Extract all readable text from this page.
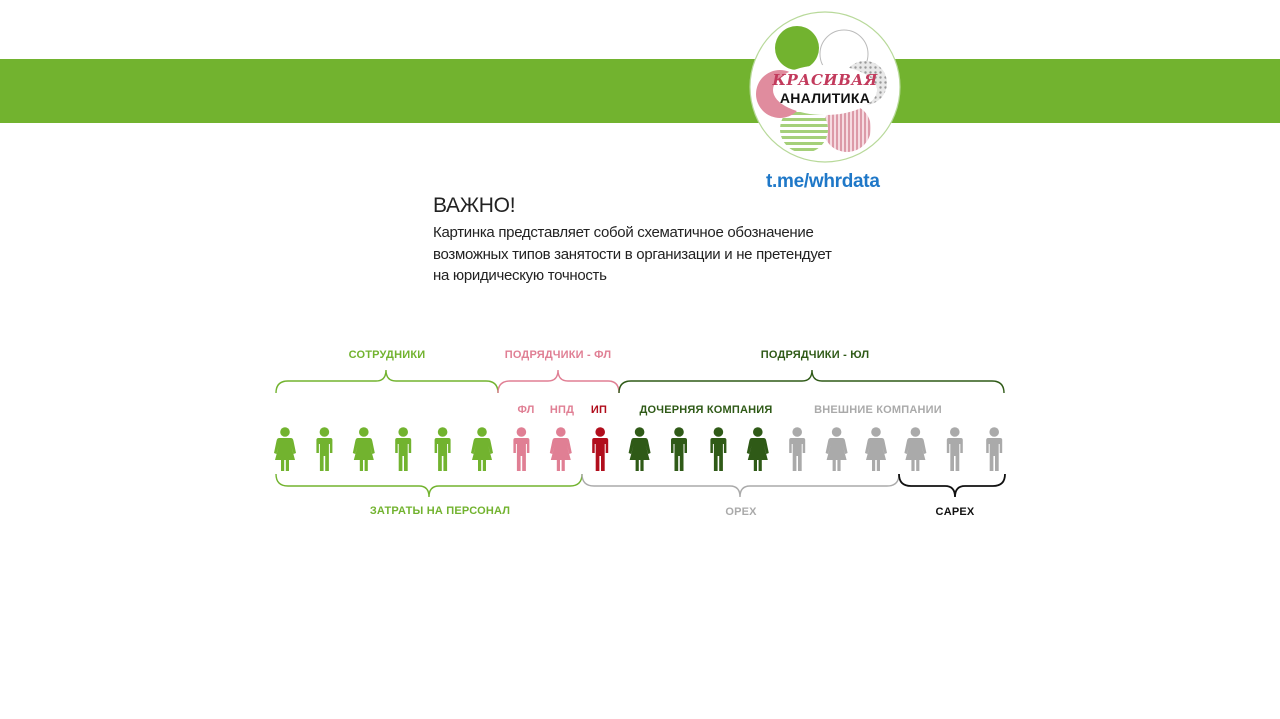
КРАСИВАЯ
АНАЛИТИКА
t.me/whrdata
ВАЖНО!

Картинка представляет собой схематичное обозначение
возможных типов занятости в организации и не претендует
на юридическую точность

СОТРУДНИКИ	ПОДРЯДЧИКИ - ФЛ	ПОДРЯДЧИКИ - ЮЛ
ФЛ НПД ИП	ДОЧЕРНЯЯ КОМПАНИЯ	ВНЕШНИЕ КОМПАНИИ
ЗАТРАТЫ НА ПЕРСОНАЛ	OPEX	CAPEX
